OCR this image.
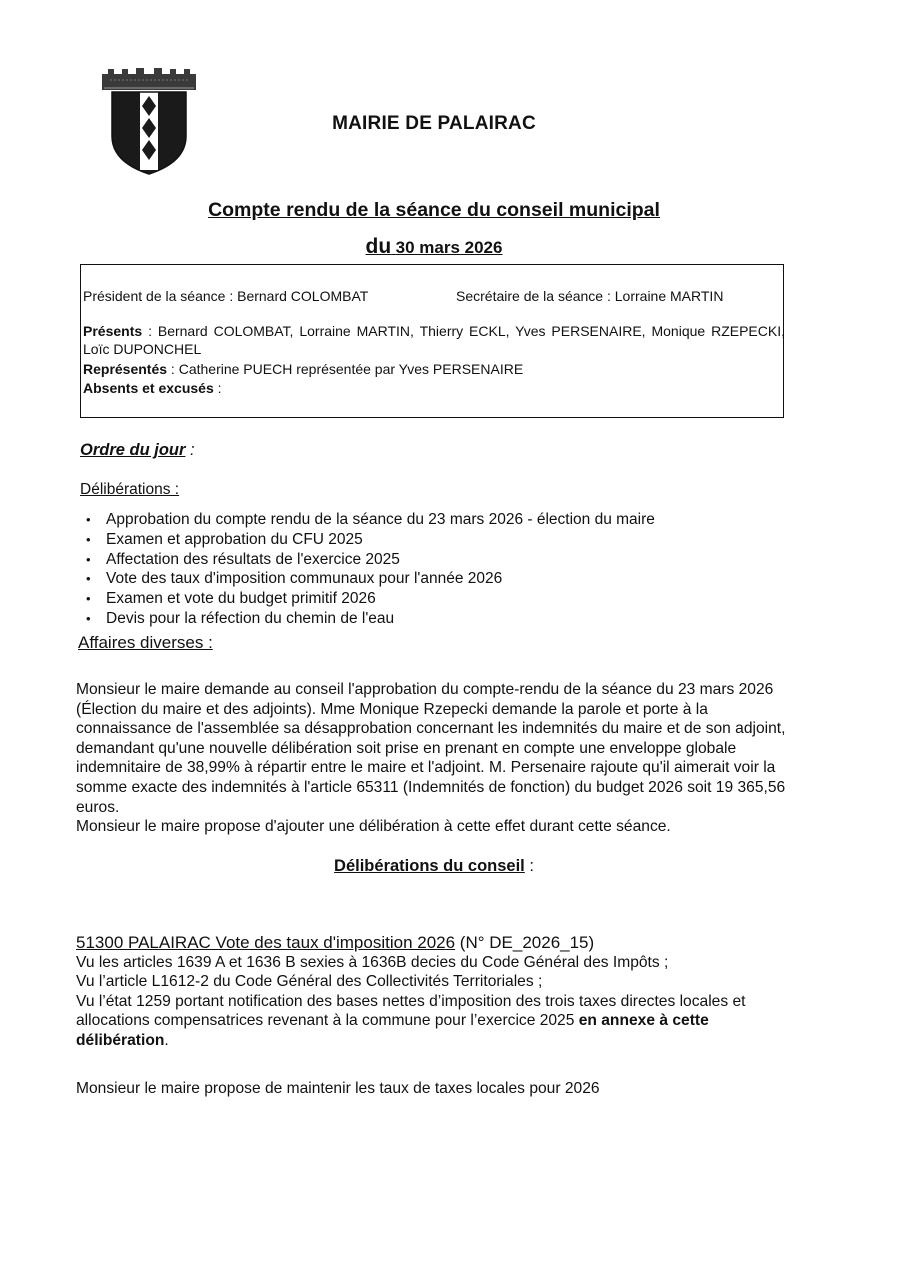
MAIRIE DE PALAIRAC
Compte rendu de la séance du conseil municipal
du 30 mars 2026
Président de la séance : Bernard COLOMBAT	Secrétaire de la séance : Lorraine MARTIN
Présents : Bernard COLOMBAT, Lorraine MARTIN, Thierry ECKL, Yves PERSENAIRE, Monique RZEPECKI, Loïc DUPONCHEL
Représentés : Catherine PUECH représentée par Yves PERSENAIRE
Absents et excusés :
Ordre du jour :
Délibérations :
• Approbation du compte rendu de la séance du 23 mars 2026 - élection du maire
• Examen et approbation du CFU 2025
• Affectation des résultats de l'exercice 2025
• Vote des taux d'imposition communaux pour l'année 2026
• Examen et vote du budget primitif 2026
• Devis pour la réfection du chemin de l'eau
Affaires diverses :

Monsieur le maire demande au conseil l'approbation du compte-rendu de la séance du 23 mars 2026 (Élection du maire et des adjoints). Mme Monique Rzepecki demande la parole et porte à la connaissance de l'assemblée sa désapprobation concernant les indemnités du maire et de son adjoint, demandant qu'une nouvelle délibération soit prise en prenant en compte une enveloppe globale indemnitaire de 38,99% à répartir entre le maire et l'adjoint. M. Persenaire rajoute qu'il aimerait voir la somme exacte des indemnités à l'article 65311 (Indemnités de fonction) du budget 2026 soit 19 365,56 euros.

Monsieur le maire propose d'ajouter une délibération à cette effet durant cette séance.

Délibérations du conseil :
51300 PALAIRAC Vote des taux d'imposition 2026 (N° DE_2026_15)

Vu les articles 1639 A et 1636 B sexies à 1636B decies du Code Général des Impôts ;

Vu l’article L1612-2 du Code Général des Collectivités Territoriales ;

Vu l’état 1259 portant notification des bases nettes d’imposition des trois taxes directes locales et allocations compensatrices revenant à la commune pour l’exercice 2025 en annexe à cette délibération.

Monsieur le maire propose de maintenir les taux de taxes locales pour 2026
